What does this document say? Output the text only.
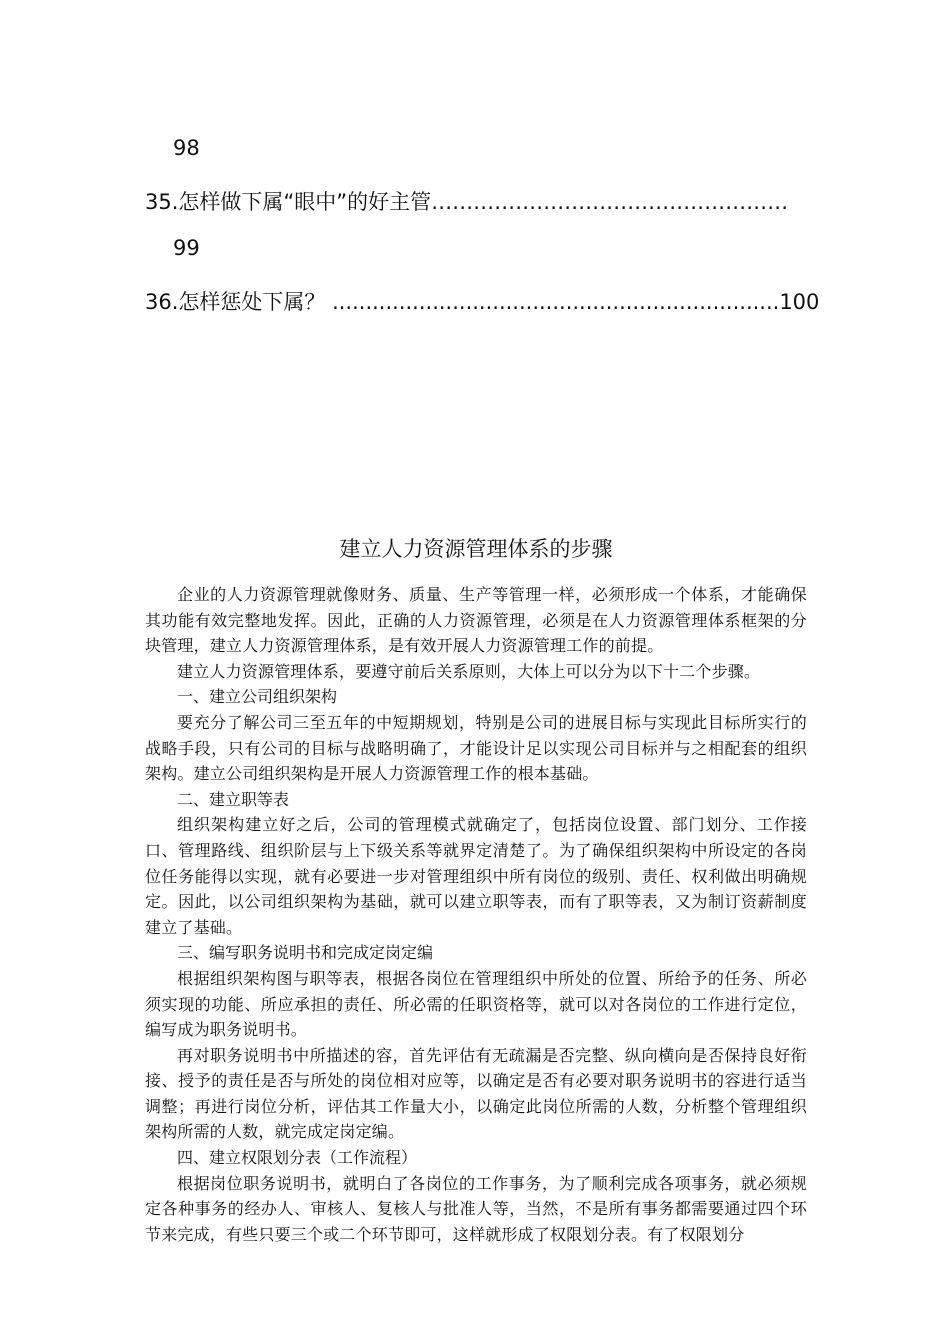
98
35.怎样做下属“眼中”的好主管……………………………………………
99
36.怎样惩处下属？ ...................................................................100
建立人力资源管理体系的步骤

企业的人力资源管理就像财务、质量、生产等管理一样，必须形成一个体系，才能确保其功能有效完整地发挥。因此，正确的人力资源管理，必须是在人力资源管理体系框架的分块管理，建立人力资源管理体系，是有效开展人力资源管理工作的前提。

建立人力资源管理体系，要遵守前后关系原则，大体上可以分为以下十二个步骤。

一、建立公司组织架构

要充分了解公司三至五年的中短期规划，特别是公司的进展目标与实现此目标所实行的战略手段，只有公司的目标与战略明确了，才能设计足以实现公司目标并与之相配套的组织架构。建立公司组织架构是开展人力资源管理工作的根本基础。

二、建立职等表

组织架构建立好之后，公司的管理模式就确定了，包括岗位设置、部门划分、工作接口、管理路线、组织阶层与上下级关系等就界定清楚了。为了确保组织架构中所设定的各岗位任务能得以实现，就有必要进一步对管理组织中所有岗位的级别、责任、权利做出明确规定。因此，以公司组织架构为基础，就可以建立职等表，而有了职等表，又为制订资薪制度建立了基础。

三、编写职务说明书和完成定岗定编

根据组织架构图与职等表，根据各岗位在管理组织中所处的位置、所给予的任务、所必须实现的功能、所应承担的责任、所必需的任职资格等，就可以对各岗位的工作进行定位，编写成为职务说明书。

再对职务说明书中所描述的容，首先评估有无疏漏是否完整、纵向横向是否保持良好衔接、授予的责任是否与所处的岗位相对应等，以确定是否有必要对职务说明书的容进行适当调整；再进行岗位分析，评估其工作量大小，以确定此岗位所需的人数，分析整个管理组织架构所需的人数，就完成定岗定编。

四、建立权限划分表（工作流程）

根据岗位职务说明书，就明白了各岗位的工作事务，为了顺利完成各项事务，就必须规定各种事务的经办人、审核人、复核人与批准人等，当然，不是所有事务都需要通过四个环节来完成，有些只要三个或二个环节即可，这样就形成了权限划分表。有了权限划分
